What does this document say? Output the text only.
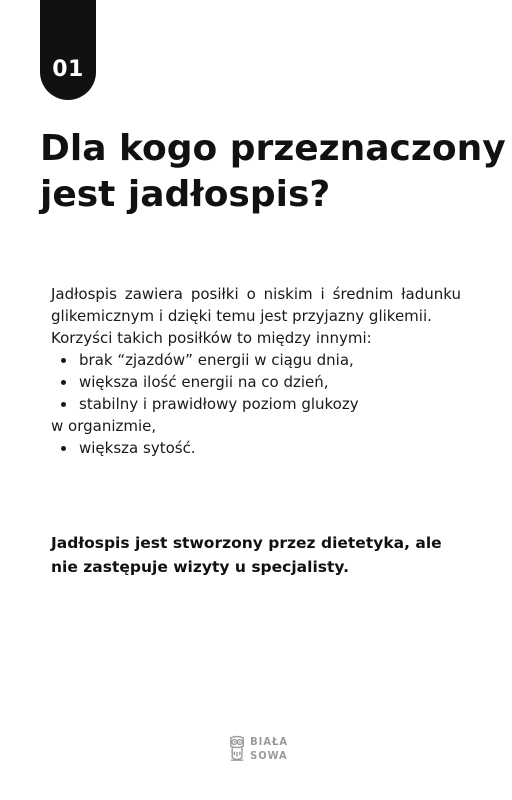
01
Dla kogo przeznaczony
jest jadłospis?

Jadłospis zawiera posiłki o niskim i średnim ładunku glikemicznym i dzięki temu jest przyjazny glikemii.

Korzyści takich posiłków to między innymi:

brak “zjazdów” energii w ciągu dnia,
większa ilość energii na co dzień,
stabilny i prawidłowy poziom glukozy

w organizmie,

większa sytość.
Jadłospis jest stworzony przez dietetyka, ale
nie zastępuje wizyty u specjalisty.
BIAŁA
SOWA
